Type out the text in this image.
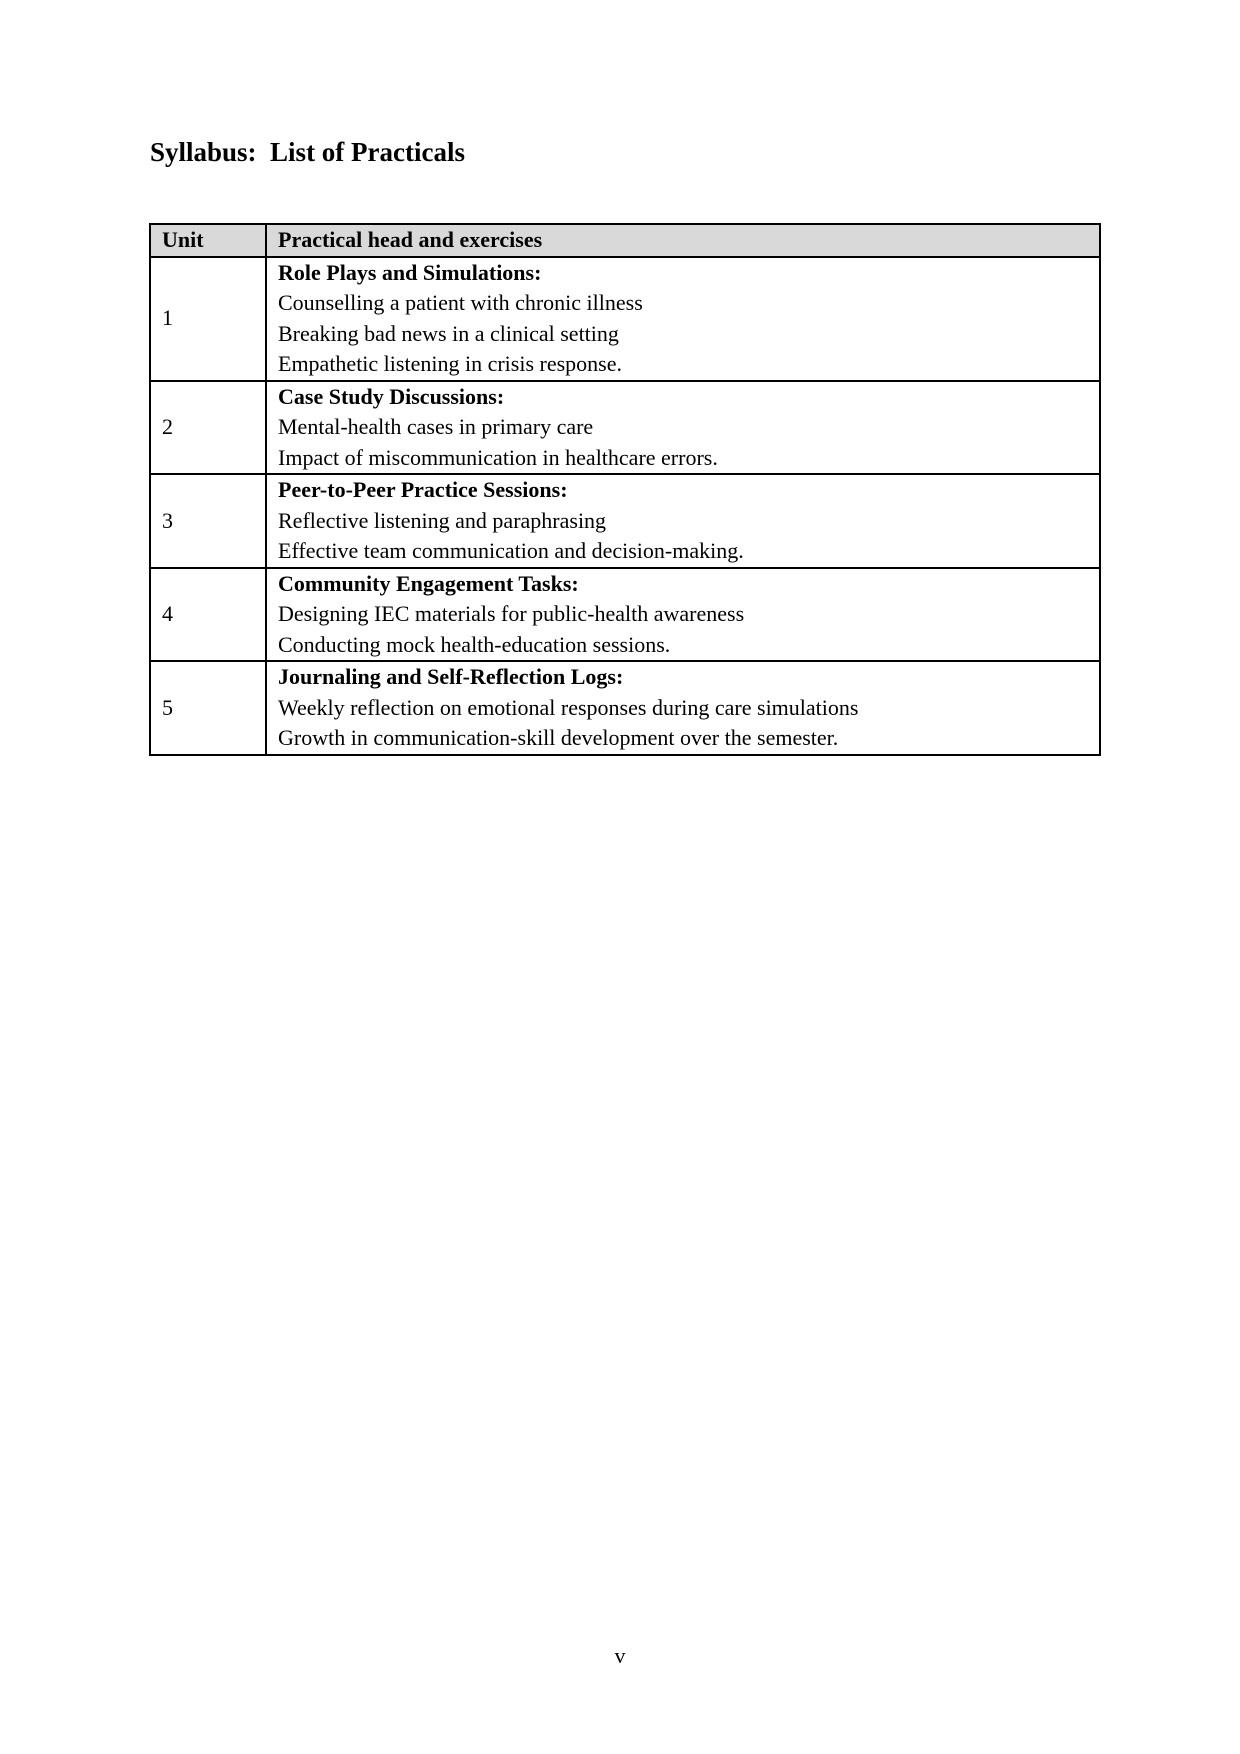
Syllabus:  List of Practicals
Unit	Practical head and exercises
1	Role Plays and Simulations:
Counselling a patient with chronic illness
Breaking bad news in a clinical setting
Empathetic listening in crisis response.

2	Case Study Discussions:
Mental-health cases in primary care
Impact of miscommunication in healthcare errors.

3	Peer-to-Peer Practice Sessions:
Reflective listening and paraphrasing
Effective team communication and decision-making.

4	Community Engagement Tasks:
Designing IEC materials for public-health awareness
Conducting mock health-education sessions.

5	Journaling and Self-Reflection Logs:
Weekly reflection on emotional responses during care simulations
Growth in communication-skill development over the semester.
v
